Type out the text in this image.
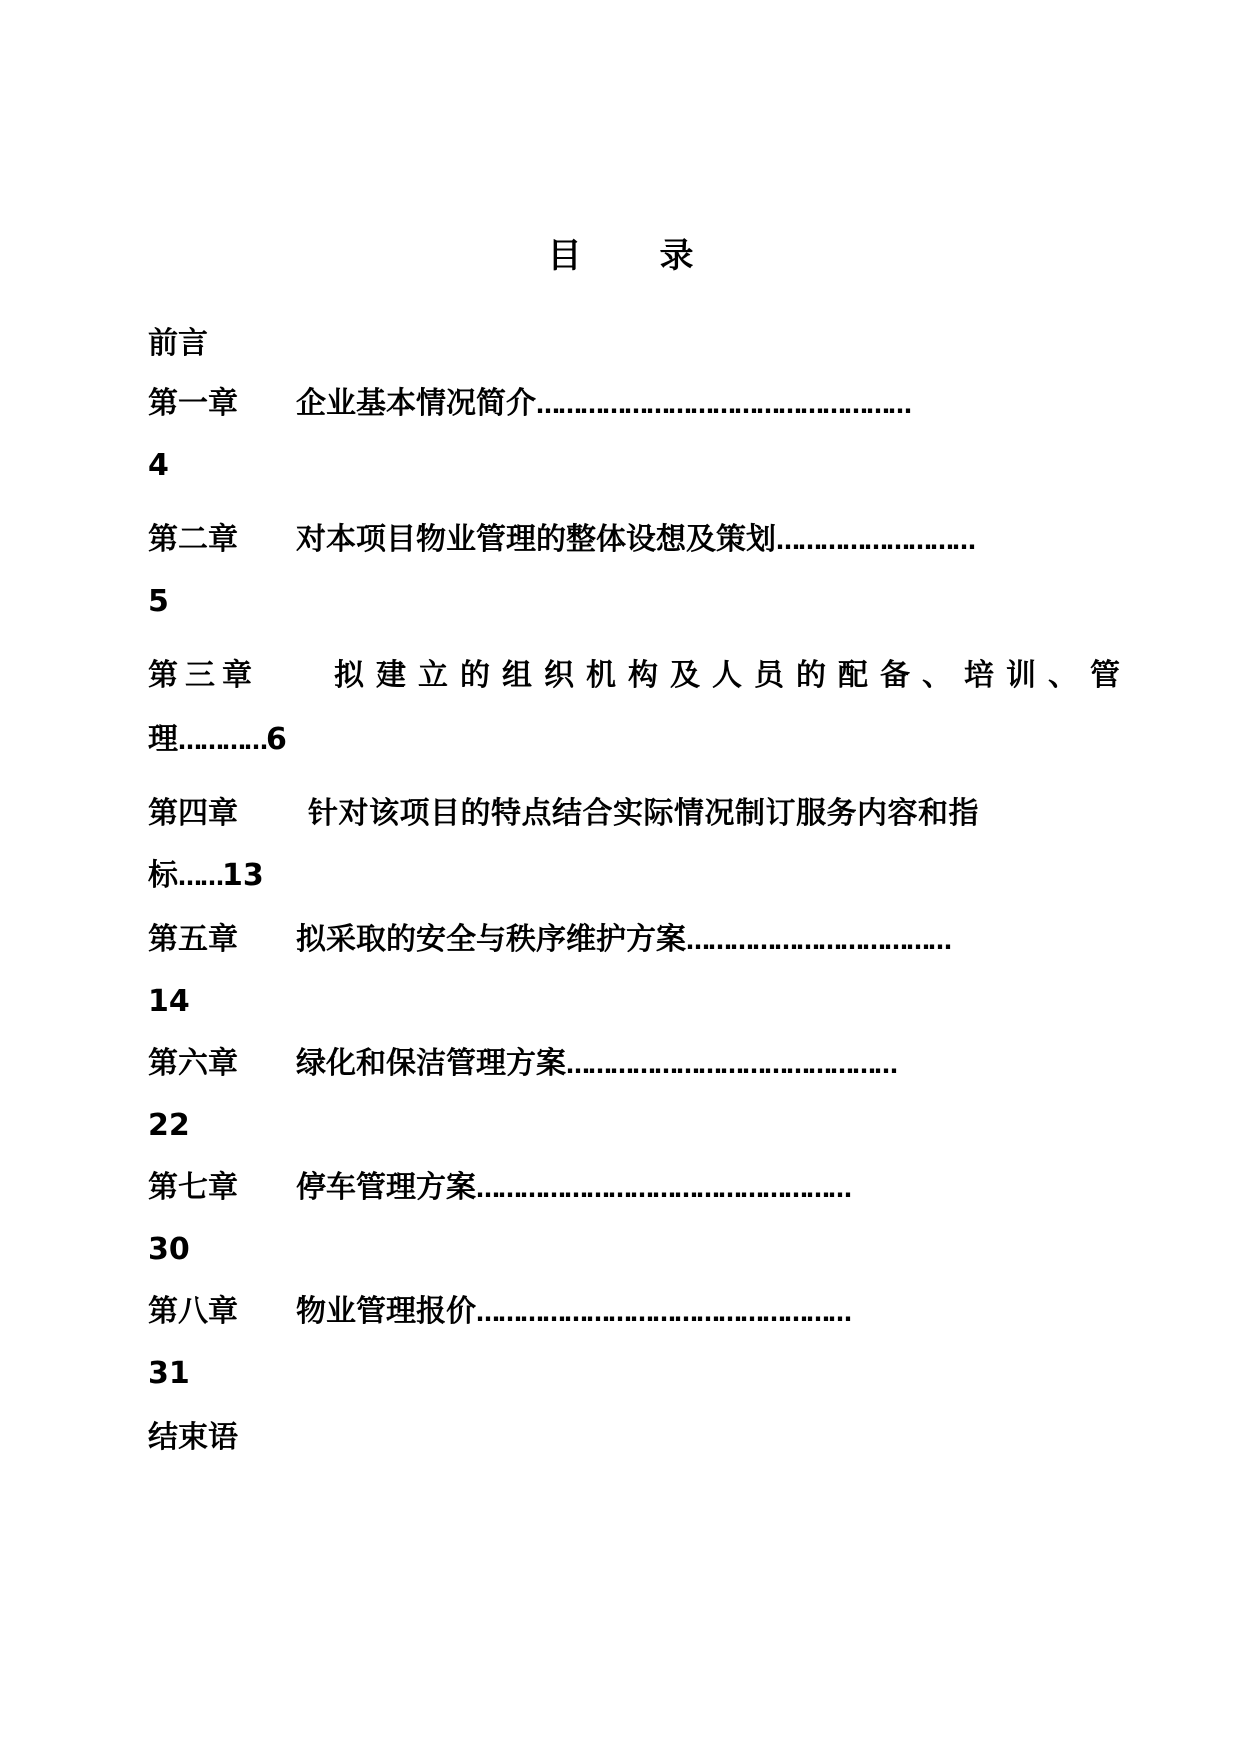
目 录
前言
第一章 企业基本情况简介……………………………………………
4
第二章 对本项目物业管理的整体设想及策划………………………
5
第三章	拟建立的组织机构及人员的配备、培训、管
理…………6
第四章 针对该项目的特点结合实际情况制订服务内容和指
标……13
第五章 拟采取的安全与秩序维护方案………………………………
14
第六章 绿化和保洁管理方案………………………………………
22
第七章 停车管理方案……………………………………………
30
第八章 物业管理报价……………………………………………
31
结束语
